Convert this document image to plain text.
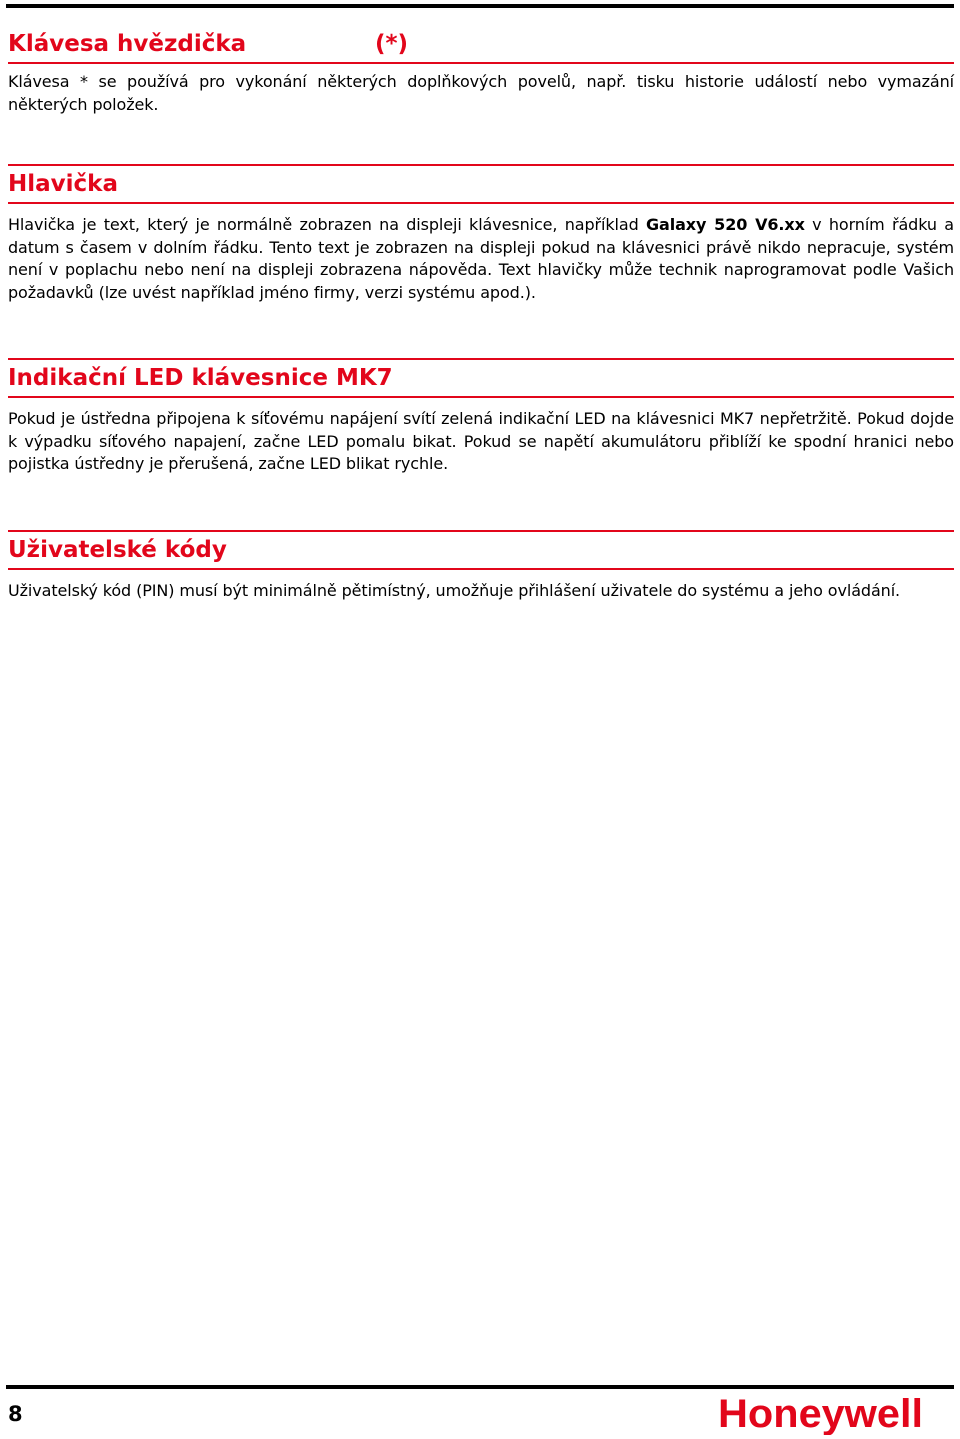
Klávesa hvězdička	(*)
Klávesa * se používá pro vykonání některých doplňkových povelů, např. tisku historie událostí nebo vymazání některých položek.
Hlavička
Hlavička je text, který je normálně zobrazen na displeji klávesnice, například Galaxy 520 V6.xx v horním řádku a datum s časem v dolním řádku. Tento text je zobrazen na displeji pokud na klávesnici právě nikdo nepracuje, systém není v poplachu nebo není na displeji zobrazena nápověda. Text hlavičky může technik naprogramovat podle Vašich požadavků (lze uvést například jméno firmy, verzi systému apod.).
Indikační LED klávesnice MK7
Pokud je ústředna připojena k síťovému napájení svítí zelená indikační LED na klávesnici MK7 nepřetržitě. Pokud dojde k výpadku síťového napajení, začne LED pomalu bikat. Pokud se napětí akumulátoru přiblíží ke spodní hranici nebo pojistka ústředny je přerušená, začne LED blikat rychle.
Uživatelské kódy
Uživatelský kód (PIN) musí být minimálně pětimístný, umožňuje přihlášení uživatele do systému a jeho ovládání.
8	Honeywell
